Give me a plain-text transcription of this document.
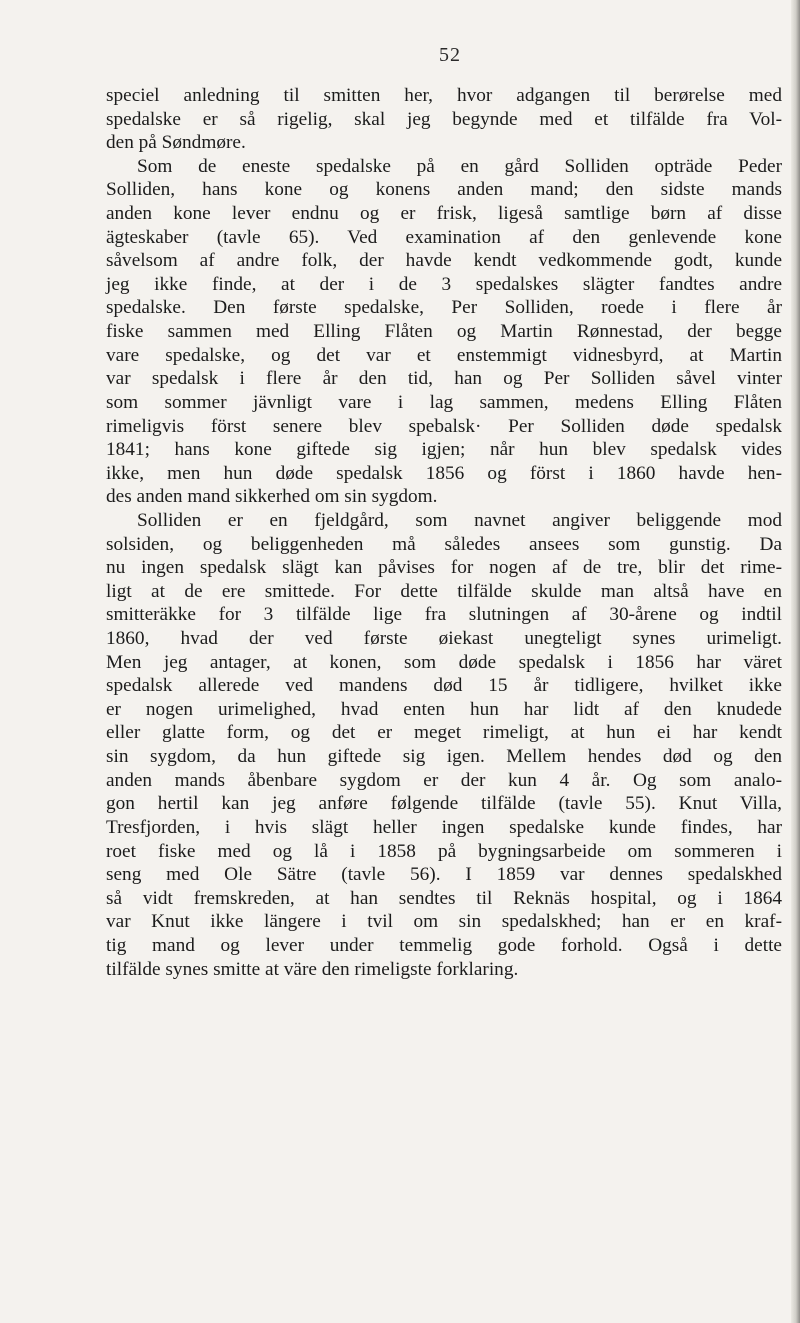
52
speciel anledning til smitten her, hvor adgangen til berørelse med
spedalske er så rigelig, skal jeg begynde med et tilfälde fra Vol-
den på Søndmøre.
Som de eneste spedalske på en gård Solliden opträde Peder
Solliden, hans kone og konens anden mand; den sidste mands
anden kone lever endnu og er frisk, ligeså samtlige børn af disse
ägteskaber (tavle 65). Ved examination af den genlevende kone
såvelsom af andre folk, der havde kendt vedkommende godt, kunde
jeg ikke finde, at der i de 3 spedalskes slägter fandtes andre
spedalske. Den første spedalske, Per Solliden, roede i flere år
fiske sammen med Elling Flåten og Martin Rønnestad, der begge
vare spedalske, og det var et enstemmigt vidnesbyrd, at Martin
var spedalsk i flere år den tid, han og Per Solliden såvel vinter
som sommer jävnligt vare i lag sammen, medens Elling Flåten
rimeligvis först senere blev spebalsk· Per Solliden døde spedalsk
1841; hans kone giftede sig igjen; når hun blev spedalsk vides
ikke, men hun døde spedalsk 1856 og först i 1860 havde hen-
des anden mand sikkerhed om sin sygdom.
Solliden er en fjeldgård, som navnet angiver beliggende mod
solsiden, og beliggenheden må således ansees som gunstig. Da
nu ingen spedalsk slägt kan påvises for nogen af de tre, blir det rime-
ligt at de ere smittede. For dette tilfälde skulde man altså have en
smitteräkke for 3 tilfälde lige fra slutningen af 30-årene og indtil
1860, hvad der ved første øiekast unegteligt synes urimeligt.
Men jeg antager, at konen, som døde spedalsk i 1856 har väret
spedalsk allerede ved mandens død 15 år tidligere, hvilket ikke
er nogen urimelighed, hvad enten hun har lidt af den knudede
eller glatte form, og det er meget rimeligt, at hun ei har kendt
sin sygdom, da hun giftede sig igen. Mellem hendes død og den
anden mands åbenbare sygdom er der kun 4 år. Og som analo-
gon hertil kan jeg anføre følgende tilfälde (tavle 55). Knut Villa,
Tresfjorden, i hvis slägt heller ingen spedalske kunde findes, har
roet fiske med og lå i 1858 på bygningsarbeide om sommeren i
seng med Ole Sätre (tavle 56). I 1859 var dennes spedalskhed
så vidt fremskreden, at han sendtes til Reknäs hospital, og i 1864
var Knut ikke längere i tvil om sin spedalskhed; han er en kraf-
tig mand og lever under temmelig gode forhold. Også i dette
tilfälde synes smitte at väre den rimeligste forklaring.
